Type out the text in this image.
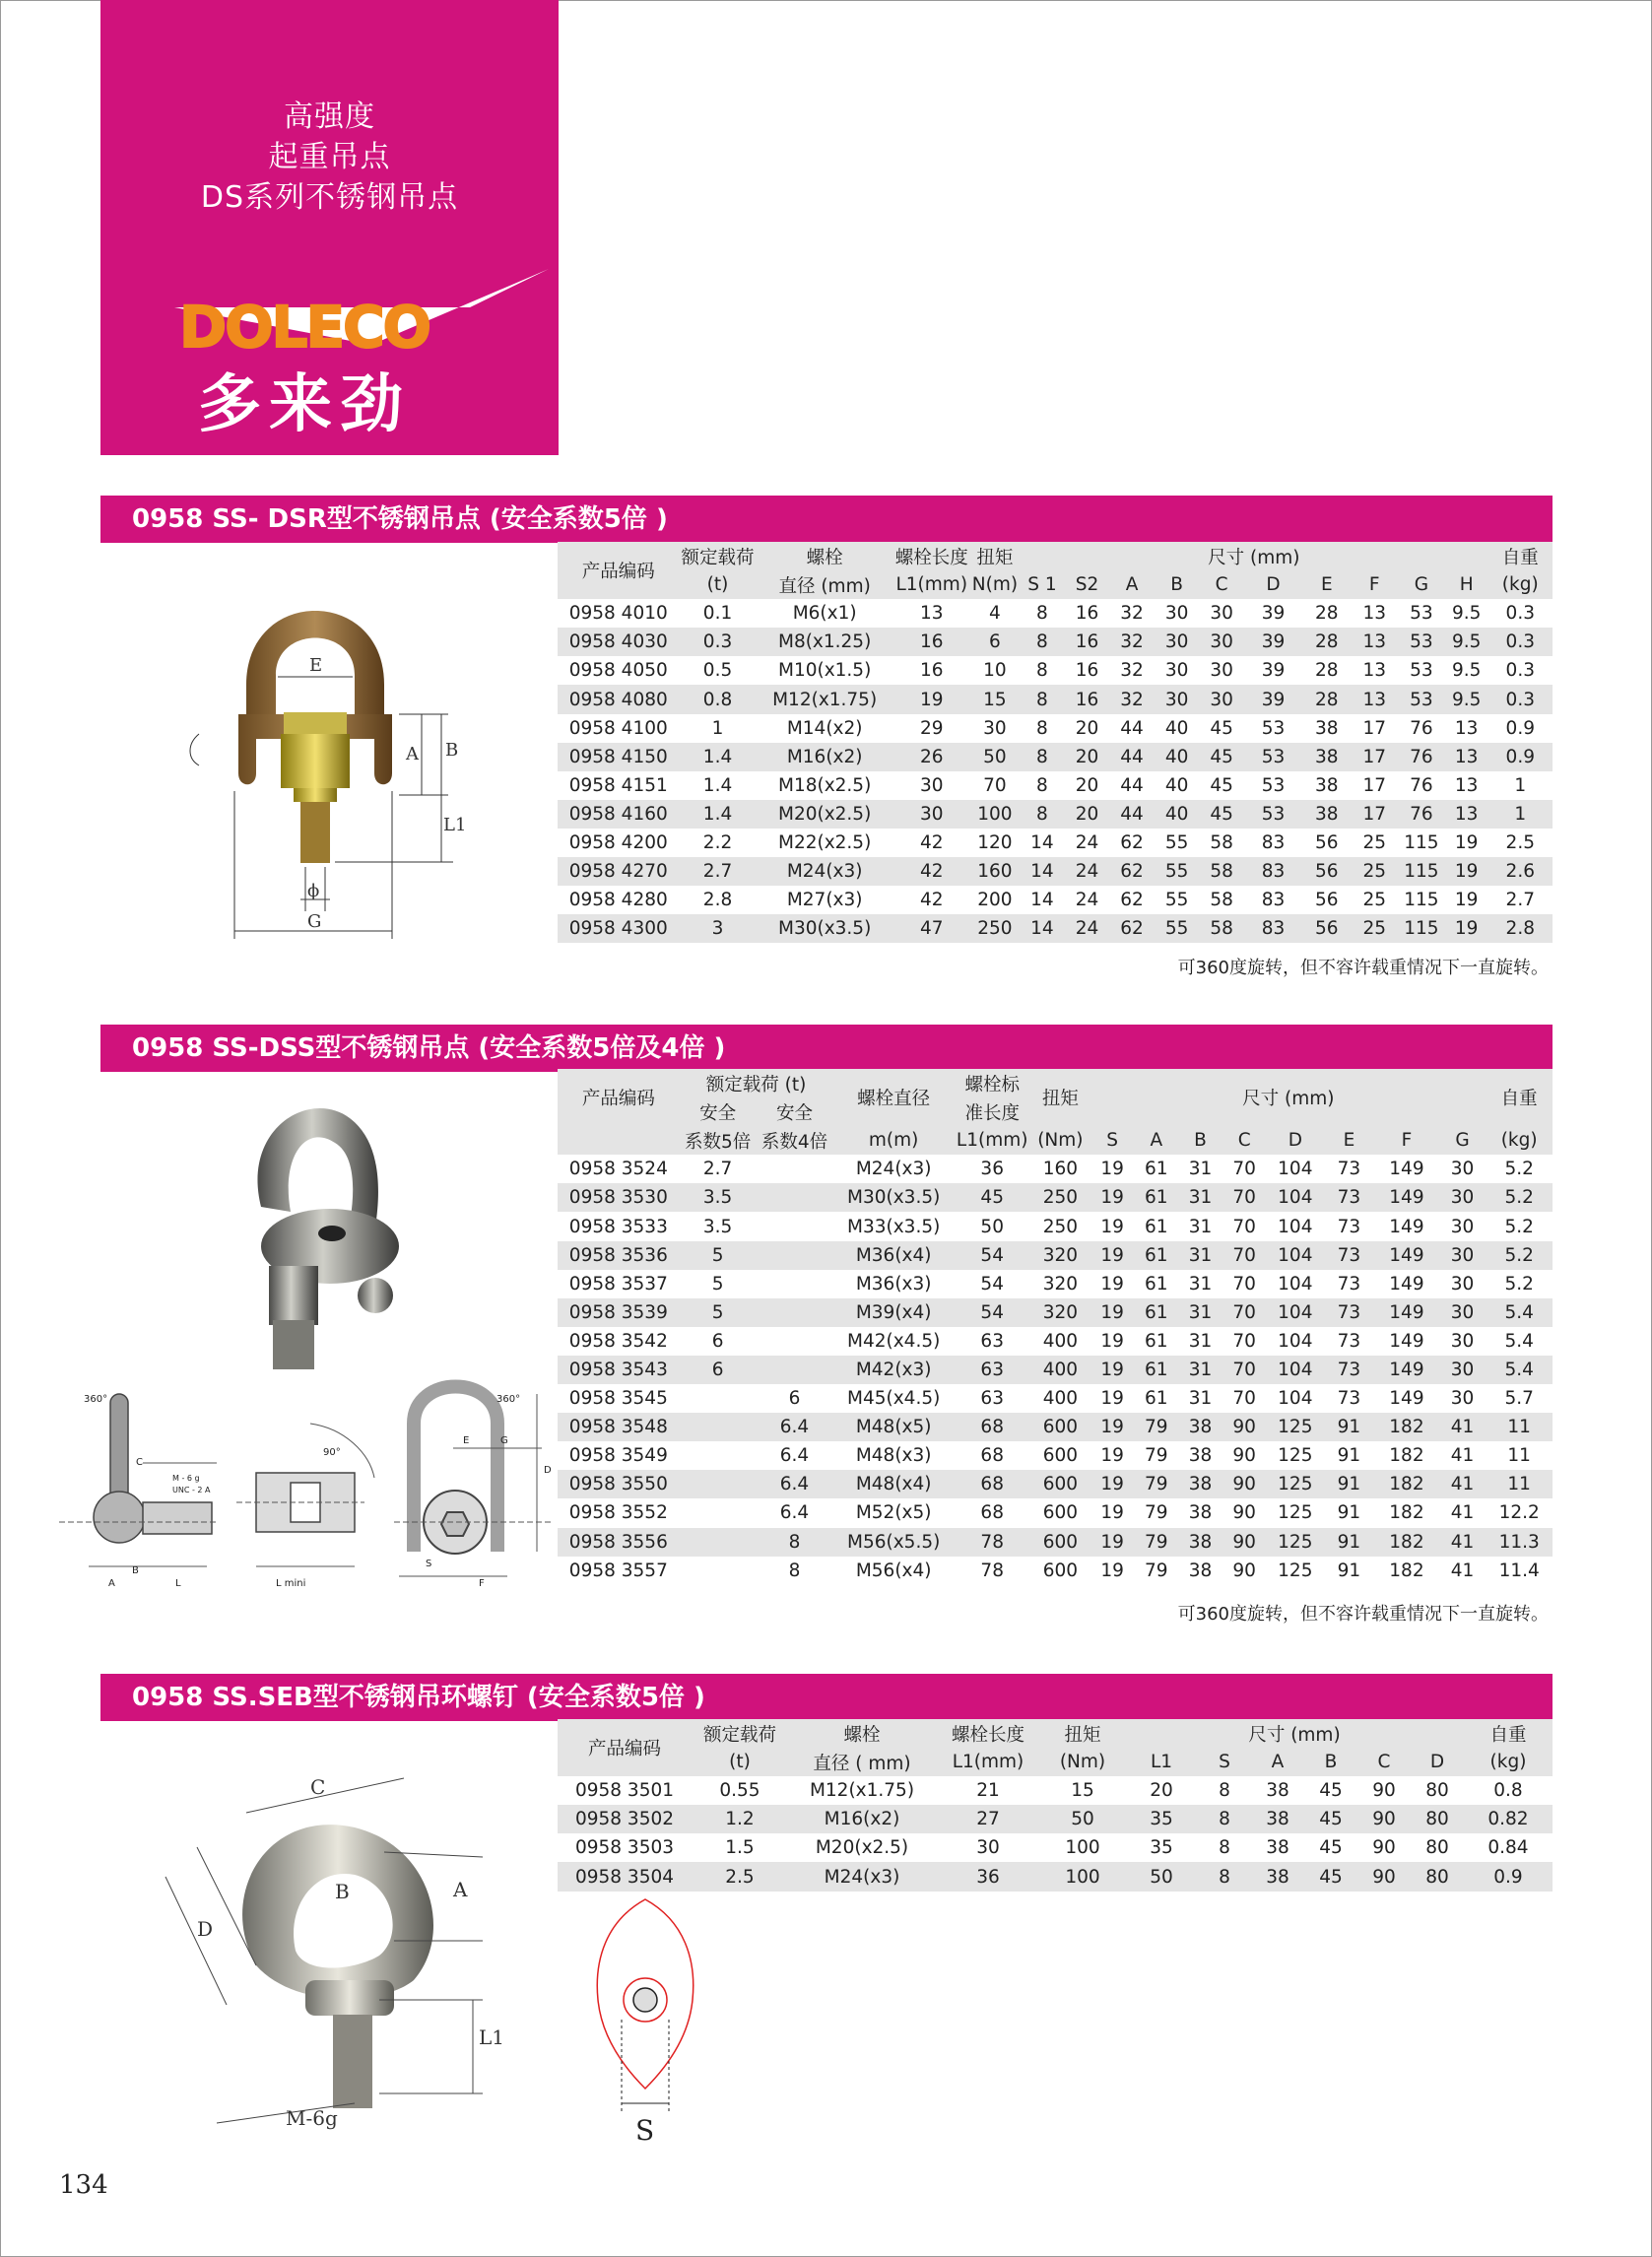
高强度
起重吊点
DS系列不锈钢吊点
DOLECO
多来劲
0958 SS- DSR型不锈钢吊点 (安全系数5倍 )
E
A B
L1
ϕ
G
产品编码	额定载荷	螺栓	螺栓长度	扭矩	尺寸 (mm)										自重
	(t)	直径 (mm)	L1(mm)	N(m)	S 1	S2	A	B	C	D	E	F	G	H	(kg)
0958 4010	0.1	M6(x1)	13	4	8	16	32	30	30	39	28	13	53	9.5	0.3
0958 4030	0.3	M8(x1.25)	16	6	8	16	32	30	30	39	28	13	53	9.5	0.3
0958 4050	0.5	M10(x1.5)	16	10	8	16	32	30	30	39	28	13	53	9.5	0.3
0958 4080	0.8	M12(x1.75)	19	15	8	16	32	30	30	39	28	13	53	9.5	0.3
0958 4100	1	M14(x2)	29	30	8	20	44	40	45	53	38	17	76	13	0.9
0958 4150	1.4	M16(x2)	26	50	8	20	44	40	45	53	38	17	76	13	0.9
0958 4151	1.4	M18(x2.5)	30	70	8	20	44	40	45	53	38	17	76	13	1
0958 4160	1.4	M20(x2.5)	30	100	8	20	44	40	45	53	38	17	76	13	1
0958 4200	2.2	M22(x2.5)	42	120	14	24	62	55	58	83	56	25	115	19	2.5
0958 4270	2.7	M24(x3)	42	160	14	24	62	55	58	83	56	25	115	19	2.6
0958 4280	2.8	M27(x3)	42	200	14	24	62	55	58	83	56	25	115	19	2.7
0958 4300	3	M30(x3.5)	47	250	14	24	62	55	58	83	56	25	115	19	2.8
可360度旋转，但不容许载重情况下一直旋转。
0958 SS-DSS型不锈钢吊点 (安全系数5倍及4倍 )
360°	360°
90°
C
A
B
L	L mini
E	G
D
S
F
M - 6 g
UNC - 2 A
产品编码	额定载荷 (t)		螺栓直径	螺栓标	扭矩	尺寸 (mm)								自重
	安全	安全		准长度										
	系数5倍	系数4倍	m(m)	L1(mm)	(Nm)	S	A	B	C	D	E	F	G	(kg)
0958 3524	2.7		M24(x3)	36	160	19	61	31	70	104	73	149	30	5.2
0958 3530	3.5		M30(x3.5)	45	250	19	61	31	70	104	73	149	30	5.2
0958 3533	3.5		M33(x3.5)	50	250	19	61	31	70	104	73	149	30	5.2
0958 3536	5		M36(x4)	54	320	19	61	31	70	104	73	149	30	5.2
0958 3537	5		M36(x3)	54	320	19	61	31	70	104	73	149	30	5.2
0958 3539	5		M39(x4)	54	320	19	61	31	70	104	73	149	30	5.4
0958 3542	6		M42(x4.5)	63	400	19	61	31	70	104	73	149	30	5.4
0958 3543	6		M42(x3)	63	400	19	61	31	70	104	73	149	30	5.4
0958 3545		6	M45(x4.5)	63	400	19	61	31	70	104	73	149	30	5.7
0958 3548		6.4	M48(x5)	68	600	19	79	38	90	125	91	182	41	11
0958 3549		6.4	M48(x3)	68	600	19	79	38	90	125	91	182	41	11
0958 3550		6.4	M48(x4)	68	600	19	79	38	90	125	91	182	41	11
0958 3552		6.4	M52(x5)	68	600	19	79	38	90	125	91	182	41	12.2
0958 3556		8	M56(x5.5)	78	600	19	79	38	90	125	91	182	41	11.3
0958 3557		8	M56(x4)	78	600	19	79	38	90	125	91	182	41	11.4
可360度旋转，但不容许载重情况下一直旋转。
0958 SS.SEB型不锈钢吊环螺钉 (安全系数5倍 )
C
B	A
D
L1
M-6g	S
产品编码	额定载荷	螺栓	螺栓长度	扭矩	尺寸 (mm)						自重
	(t)	直径 ( mm)	L1(mm)	(Nm)	L1	S	A	B	C	D	(kg)
0958 3501	0.55	M12(x1.75)	21	15	20	8	38	45	90	80	0.8
0958 3502	1.2	M16(x2)	27	50	35	8	38	45	90	80	0.82
0958 3503	1.5	M20(x2.5)	30	100	35	8	38	45	90	80	0.84
0958 3504	2.5	M24(x3)	36	100	50	8	38	45	90	80	0.9
134
